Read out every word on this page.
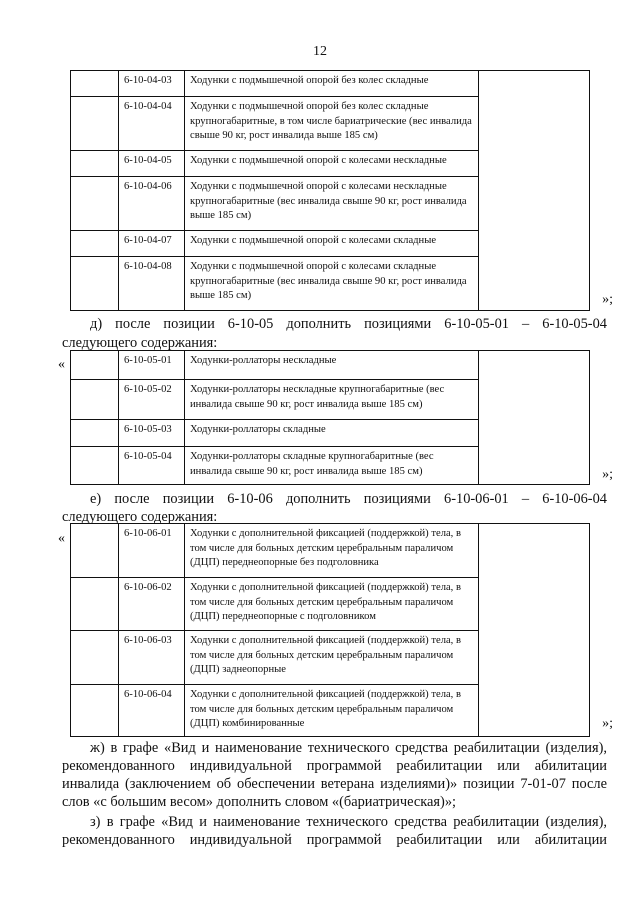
12
	6-10-04-03	Ходунки с подмышечной опорой без колес складные	
	6-10-04-04	Ходунки с подмышечной опорой без колес складные крупногабаритные, в том числе бариатрические (вес инвалида свыше 90 кг, рост инвалида выше 185 см)	
	6-10-04-05	Ходунки с подмышечной опорой с колесами нескладные	
	6-10-04-06	Ходунки с подмышечной опорой с колесами нескладные крупногабаритные (вес инвалида свыше 90 кг, рост инвалида выше 185 см)	
	6-10-04-07	Ходунки с подмышечной опорой с колесами складные	
	6-10-04-08	Ходунки с подмышечной опорой с колесами складные крупногабаритные (вес инвалида свыше 90 кг, рост инвалида выше 185 см)		»;

д) после позиции 6-10-05 дополнить позициями 6-10-05-01 – 6-10-05-04

следующего содержания:

«
		6-10-05-01	Ходунки-роллаторы нескладные	
	6-10-05-02	Ходунки-роллаторы нескладные крупногабаритные (вес инвалида свыше 90 кг, рост инвалида выше 185 см)	
	6-10-05-03	Ходунки-роллаторы складные	
	6-10-05-04	Ходунки-роллаторы складные крупногабаритные (вес инвалида свыше 90 кг, рост инвалида выше 185 см)		»;

е) после позиции 6-10-06 дополнить позициями 6-10-06-01 – 6-10-06-04

следующего содержания:

«
		6-10-06-01	Ходунки с дополнительной фиксацией (поддержкой) тела, в том числе для больных детским церебральным параличом (ДЦП) переднеопорные без подголовника	
	6-10-06-02	Ходунки с дополнительной фиксацией (поддержкой) тела, в том числе для больных детским церебральным параличом (ДЦП) переднеопорные с подголовником	
	6-10-06-03	Ходунки с дополнительной фиксацией (поддержкой) тела, в том числе для больных детским церебральным параличом (ДЦП) заднеопорные	
	6-10-06-04	Ходунки с дополнительной фиксацией (поддержкой) тела, в том числе для больных детским церебральным параличом (ДЦП) комбинированные		»;

ж) в графе «Вид и наименование технического средства реабилитации (изделия), рекомендованного индивидуальной программой реабилитации или абилитации инвалида (заключением об обеспечении ветерана изделиями)» позиции 7-01-07 после слов «с большим весом» дополнить словом «(бариатрическая)»;

з) в графе «Вид и наименование технического средства реабилитации (изделия), рекомендованного индивидуальной программой реабилитации или абилитации
